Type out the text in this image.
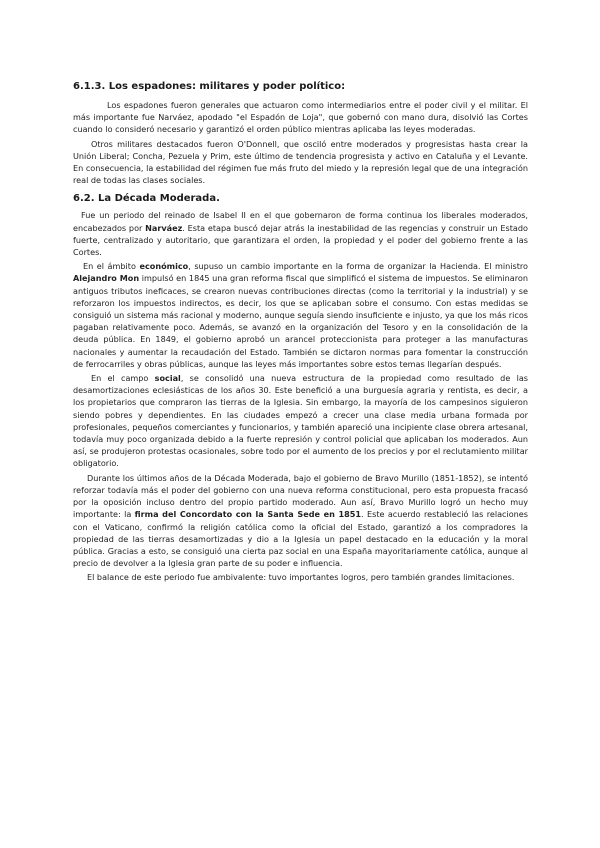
6.1.3. Los espadones: militares y poder político:

Los espadones fueron generales que actuaron como intermediarios entre el poder civil y el militar. El más importante fue Narváez, apodado "el Espadón de Loja", que gobernó con mano dura, disolvió las Cortes cuando lo consideró necesario y garantizó el orden público mientras aplicaba las leyes moderadas.

Otros militares destacados fueron O'Donnell, que osciló entre moderados y progresistas hasta crear la Unión Liberal; Concha, Pezuela y Prim, este último de tendencia progresista y activo en Cataluña y el Levante. En consecuencia, la estabilidad del régimen fue más fruto del miedo y la represión legal que de una integración real de todas las clases sociales.

6.2. La Década Moderada.

Fue un periodo del reinado de Isabel II en el que gobernaron de forma continua los liberales moderados, encabezados por Narváez. Esta etapa buscó dejar atrás la inestabilidad de las regencias y construir un Estado fuerte, centralizado y autoritario, que garantizara el orden, la propiedad y el poder del gobierno frente a las Cortes.

En el ámbito económico, supuso un cambio importante en la forma de organizar la Hacienda. El ministro Alejandro Mon impulsó en 1845 una gran reforma fiscal que simplificó el sistema de impuestos. Se eliminaron antiguos tributos ineficaces, se crearon nuevas contribuciones directas (como la territorial y la industrial) y se reforzaron los impuestos indirectos, es decir, los que se aplicaban sobre el consumo. Con estas medidas se consiguió un sistema más racional y moderno, aunque seguía siendo insuficiente e injusto, ya que los más ricos pagaban relativamente poco. Además, se avanzó en la organización del Tesoro y en la consolidación de la deuda pública. En 1849, el gobierno aprobó un arancel proteccionista para proteger a las manufacturas nacionales y aumentar la recaudación del Estado. También se dictaron normas para fomentar la construcción de ferrocarriles y obras públicas, aunque las leyes más importantes sobre estos temas llegarían después.

En el campo social, se consolidó una nueva estructura de la propiedad como resultado de las desamortizaciones eclesiásticas de los años 30. Este benefició a una burguesía agraria y rentista, es decir, a los propietarios que compraron las tierras de la Iglesia. Sin embargo, la mayoría de los campesinos siguieron siendo pobres y dependientes. En las ciudades empezó a crecer una clase media urbana formada por profesionales, pequeños comerciantes y funcionarios, y también apareció una incipiente clase obrera artesanal, todavía muy poco organizada debido a la fuerte represión y control policial que aplicaban los moderados. Aun así, se produjeron protestas ocasionales, sobre todo por el aumento de los precios y por el reclutamiento militar obligatorio.

Durante los últimos años de la Década Moderada, bajo el gobierno de Bravo Murillo (1851-1852), se intentó reforzar todavía más el poder del gobierno con una nueva reforma constitucional, pero esta propuesta fracasó por la oposición incluso dentro del propio partido moderado. Aun así, Bravo Murillo logró un hecho muy importante: la firma del Concordato con la Santa Sede en 1851. Este acuerdo restableció las relaciones con el Vaticano, confirmó la religión católica como la oficial del Estado, garantizó a los compradores la propiedad de las tierras desamortizadas y dio a la Iglesia un papel destacado en la educación y la moral pública. Gracias a esto, se consiguió una cierta paz social en una España mayoritariamente católica, aunque al precio de devolver a la Iglesia gran parte de su poder e influencia.

El balance de este periodo fue ambivalente: tuvo importantes logros, pero también grandes limitaciones.
